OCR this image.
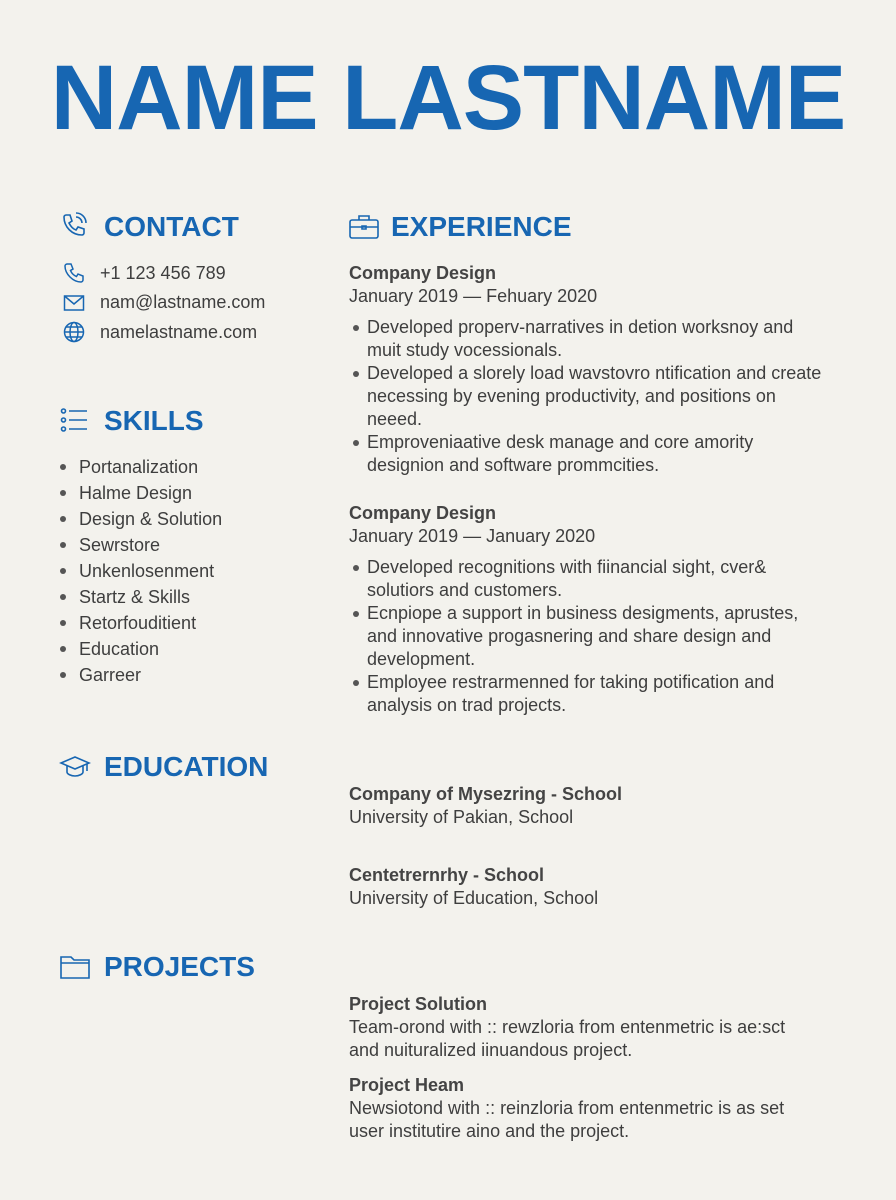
NAME LASTNAME
CONTACT
+1 123 456 789
nam@lastname.com
namelastname.com
SKILLS
Portanalization
Halme Design
Design & Solution
Sewrstore
Unkenlosenment
Startz & Skills
Retorfouditient
Education
Garreer
EDUCATION
PROJECTS
EXPERIENCE
Company Design
January 2019 — Fehuary 2020
Developed properv-narratives in detion worksnoy and muit study vocessionals.
Developed a slorely load wavstovro ntification and create necessing by evening productivity, and positions on neeed.
Emproveniaative desk manage and core amority designion and software prommcities.
Company Design
January 2019 — January 2020
Developed recognitions with fiinancial sight, cver& solutiors and customers.
Ecnpiope a support in business desigments, aprustes, and innovative progasnering and share design and development.
Employee restrarmenned for taking potification and analysis on trad projects.
Company of Mysezring - School
University of Pakian, School
Centetrernrhy - School
University of Education, School
Project Solution
Team-orond with :: rewzloria from entenmetric is ae:sct and nuituralized iinuandous project.
Project Heam
Newsiotond with :: reinzloria from entenmetric is as set user institutire aino and the project.
